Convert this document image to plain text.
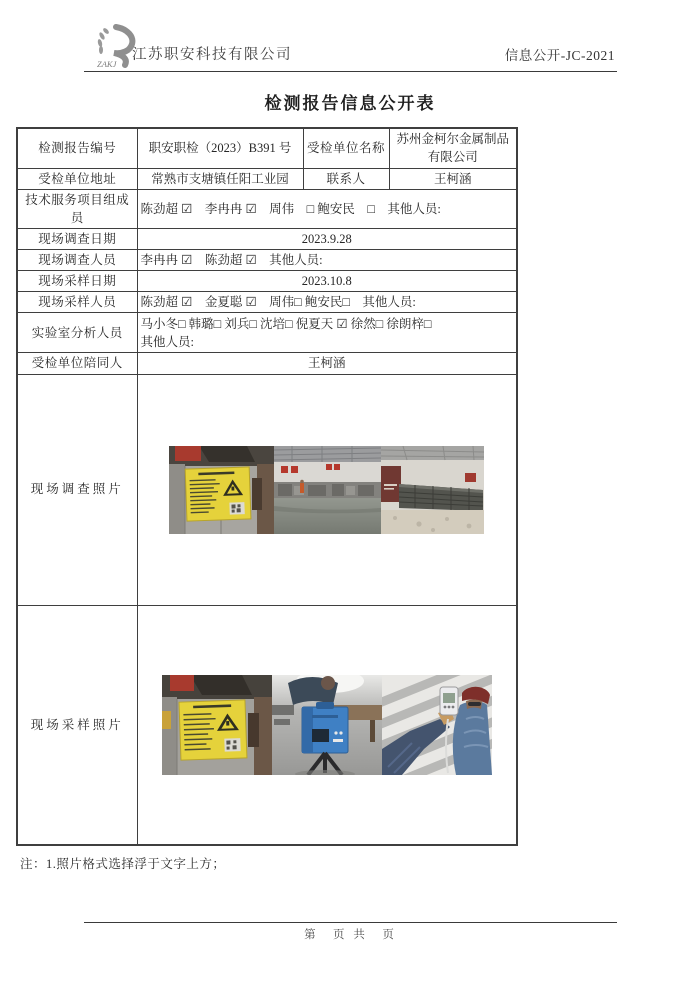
ZAKJ
江苏职安科技有限公司	信息公开-JC-2021
检测报告信息公开表
检测报告编号	职安职检（2023）B391 号	受检单位名称	苏州金柯尔金属制品有限公司
受检单位地址	常熟市支塘镇任阳工业园	联系人	王柯涵
技术服务项目组成员	陈劲超 ☑　李冉冉 ☑　周伟　□ 鲍安民　□　其他人员:		
现场调查日期	2023.9.28		
现场调查人员	李冉冉 ☑　陈劲超 ☑　其他人员:		
现场采样日期	2023.10.8		
现场采样人员	陈劲超 ☑　金夏聪 ☑　周伟□ 鲍安民□　其他人员:		
实验室分析人员	马小冬□ 韩璐□ 刘兵□ 沈培□ 倪夏天 ☑ 徐然□ 徐朗梓□
其他人员:		

受检单位陪同人	王柯涵		
现场调查照片	

现场采样照片	
注：1.照片格式选择浮于文字上方；
第　页 共　页
